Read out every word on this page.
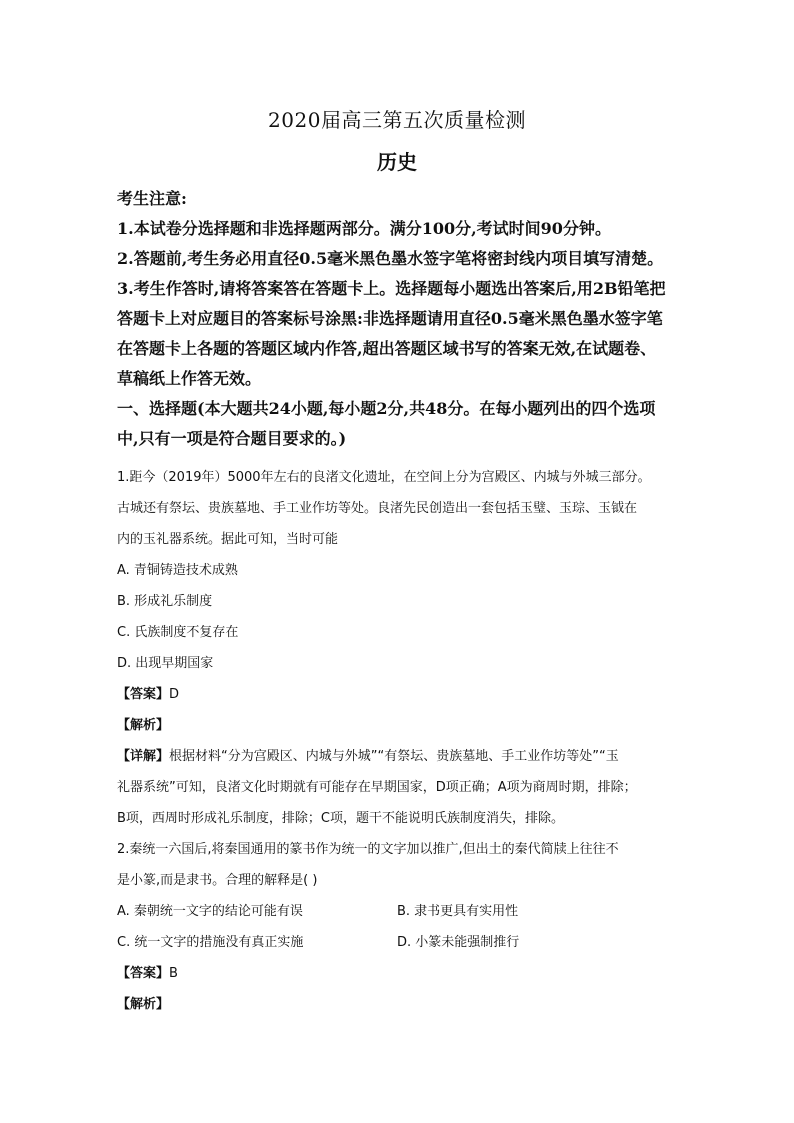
2020届高三第五次质量检测
历史

考生注意:

1.本试卷分选择题和非选择题两部分。满分100分,考试时间90分钟。

2.答题前,考生务必用直径0.5毫米黑色墨水签字笔将密封线内项目填写清楚。

3.考生作答时,请将答案答在答题卡上。选择题每小题选出答案后,用2B铅笔把

答题卡上对应题目的答案标号涂黑:非选择题请用直径0.5毫米黑色墨水签字笔

在答题卡上各题的答题区域内作答,超出答题区域书写的答案无效,在试题卷、

草稿纸上作答无效。

一、选择题(本大题共24小题,每小题2分,共48分。在每小题列出的四个选项

中,只有一项是符合题目要求的。)

1.距今（2019年）5000年左右的良渚文化遗址，在空间上分为宫殿区、内城与外城三部分。

古城还有祭坛、贵族墓地、手工业作坊等处。良渚先民创造出一套包括玉璧、玉琮、玉钺在

内的玉礼器系统。据此可知，当时可能

A. 青铜铸造技术成熟

B. 形成礼乐制度

C. 氏族制度不复存在

D. 出现早期国家

【答案】D

【解析】

【详解】根据材料“分为宫殿区、内城与外城”“有祭坛、贵族墓地、手工业作坊等处”“玉

礼器系统”可知，良渚文化时期就有可能存在早期国家，D项正确；A项为商周时期，排除；

B项，西周时形成礼乐制度，排除；C项，题干不能说明氏族制度消失，排除。

2.秦统一六国后,将秦国通用的篆书作为统一的文字加以推广,但出土的秦代简牍上往往不

是小篆,而是隶书。合理的解释是( )

A. 秦朝统一文字的结论可能有误	B. 隶书更具有实用性
C. 统一文字的措施没有真正实施	D. 小篆未能强制推行

【答案】B

【解析】
